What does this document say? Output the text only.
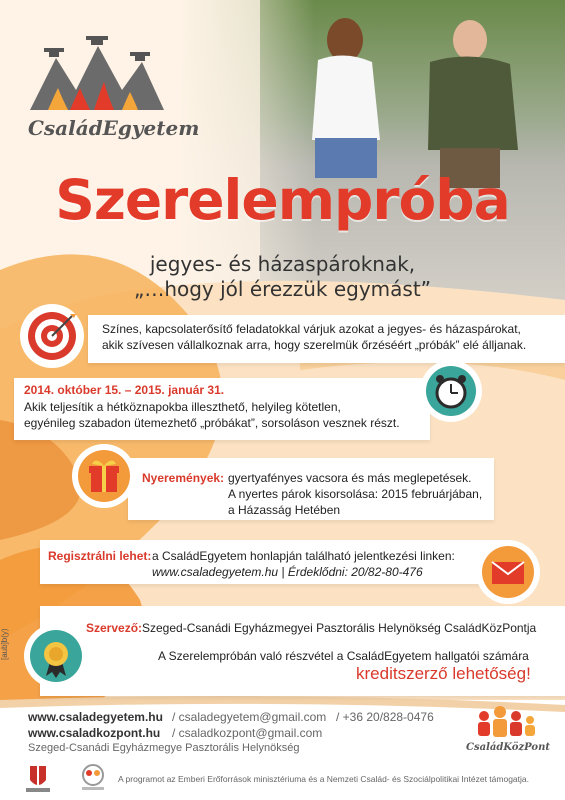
CsaládEgyetem
Szerelempróba
jegyes- és házaspároknak,
„…hogy jól érezzük egymást”
Színes, kapcsolaterősítő feladatokkal várjuk azokat a jegyes- és házaspárokat,
akik szívesen vállalkoznak arra, hogy szerelmük őrzéséért „próbák” elé álljanak.
2014. október 15. – 2015. január 31.
Akik teljesítik a hétköznapokba illeszthető, helyileg kötetlen,
egyénileg szabadon ütemezhető „próbákat”, sorsoláson vesznek részt.
Nyeremények: gyertyafényes vacsora és más meglepetések.
A nyertes párok kisorsolása: 2015 februárjában,
a Házasság Hetében
Regisztrálni lehet: a CsaládEgyetem honlapján található jelentkezési linken:
www.csaladegyetem.hu | Érdeklődni: 20/82-80-476
Szervező: Szeged-Csanádi Egyházmegyei Pasztorális Helynökség CsaládKözPontja
A Szerelempróbán való részvétel a CsaládEgyetem hallgatói számára
kreditszerző lehetőség!
[aub]b(y)
www.csaladegyetem.hu / csaladegyetem@gmail.com / +36 20/828-0476
www.csaladkozpont.hu / csaladkozpont@gmail.com
Szeged-Csanádi Egyházmegye Pasztorális Helynökség	CsaládKözPont
A programot az Emberi Erőforrások minisztériuma és a Nemzeti Család- és Szociálpolitikai Intézet támogatja.
